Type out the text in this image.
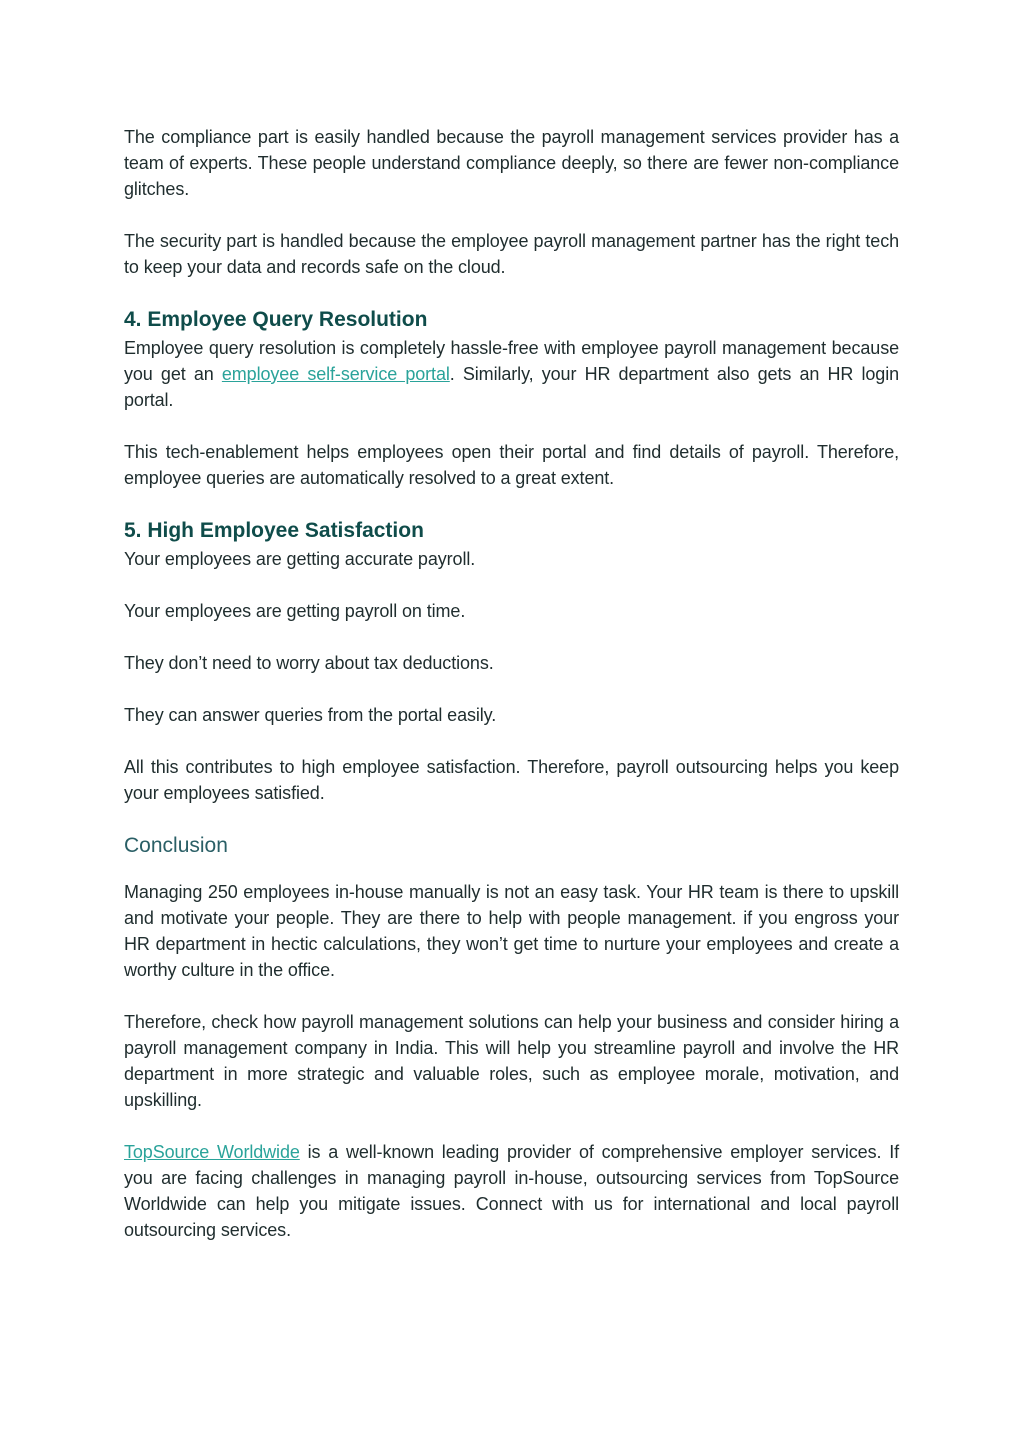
The compliance part is easily handled because the payroll management services provider has a team of experts. These people understand compliance deeply, so there are fewer non-compliance glitches.

The security part is handled because the employee payroll management partner has the right tech to keep your data and records safe on the cloud.

4. Employee Query Resolution

Employee query resolution is completely hassle-free with employee payroll management because you get an employee self-service portal. Similarly, your HR department also gets an HR login portal.

This tech-enablement helps employees open their portal and find details of payroll. Therefore, employee queries are automatically resolved to a great extent.

5. High Employee Satisfaction

Your employees are getting accurate payroll.

Your employees are getting payroll on time.

They don’t need to worry about tax deductions.

They can answer queries from the portal easily.

All this contributes to high employee satisfaction. Therefore, payroll outsourcing helps you keep your employees satisfied.

Conclusion

Managing 250 employees in-house manually is not an easy task. Your HR team is there to upskill and motivate your people. They are there to help with people management. if you engross your HR department in hectic calculations, they won’t get time to nurture your employees and create a worthy culture in the office.

Therefore, check how payroll management solutions can help your business and consider hiring a payroll management company in India. This will help you streamline payroll and involve the HR department in more strategic and valuable roles, such as employee morale, motivation, and upskilling.

TopSource Worldwide is a well-known leading provider of comprehensive employer services. If you are facing challenges in managing payroll in-house, outsourcing services from TopSource Worldwide can help you mitigate issues. Connect with us for international and local payroll outsourcing services.
